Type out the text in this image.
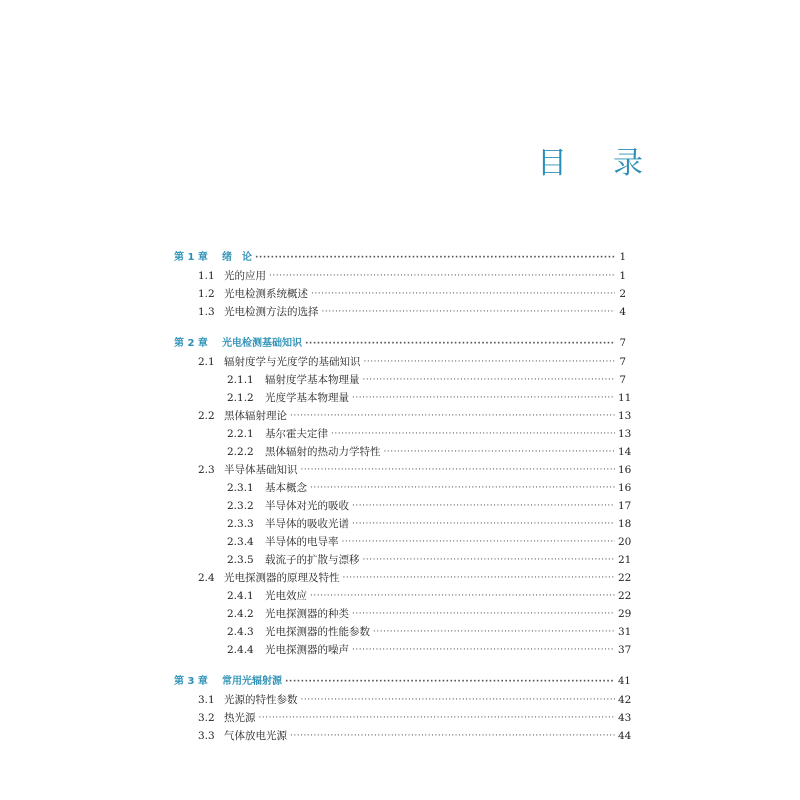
目 录
第 1 章	绪　论 ·····	1
1.1 光的应用 ·····	1
1.2 光电检测系统概述 ·····	2
1.3 光电检测方法的选择 ·····	4
第 2 章	光电检测基础知识 ·····	7
2.1 辐射度学与光度学的基础知识 ·····	7
2.1.1	辐射度学基本物理量 ·····	7
2.1.2	光度学基本物理量 ·····	11
2.2 黑体辐射理论 ·····	13
2.2.1	基尔霍夫定律 ·····	13
2.2.2	黑体辐射的热动力学特性 ·····	14
2.3 半导体基础知识 ·····	16
2.3.1	基本概念 ·····	16
2.3.2	半导体对光的吸收 ·····	17
2.3.3	半导体的吸收光谱 ·····	18
2.3.4	半导体的电导率 ·····	20
2.3.5	载流子的扩散与漂移 ·····	21
2.4 光电探测器的原理及特性 ·····	22
2.4.1	光电效应 ·····	22
2.4.2	光电探测器的种类 ·····	29
2.4.3	光电探测器的性能参数 ·····	31
2.4.4	光电探测器的噪声 ·····	37
第 3 章	常用光辐射源 ·····	41
3.1 光源的特性参数 ·····	42
3.2 热光源 ·····	43
3.3 气体放电光源 ·····	44
